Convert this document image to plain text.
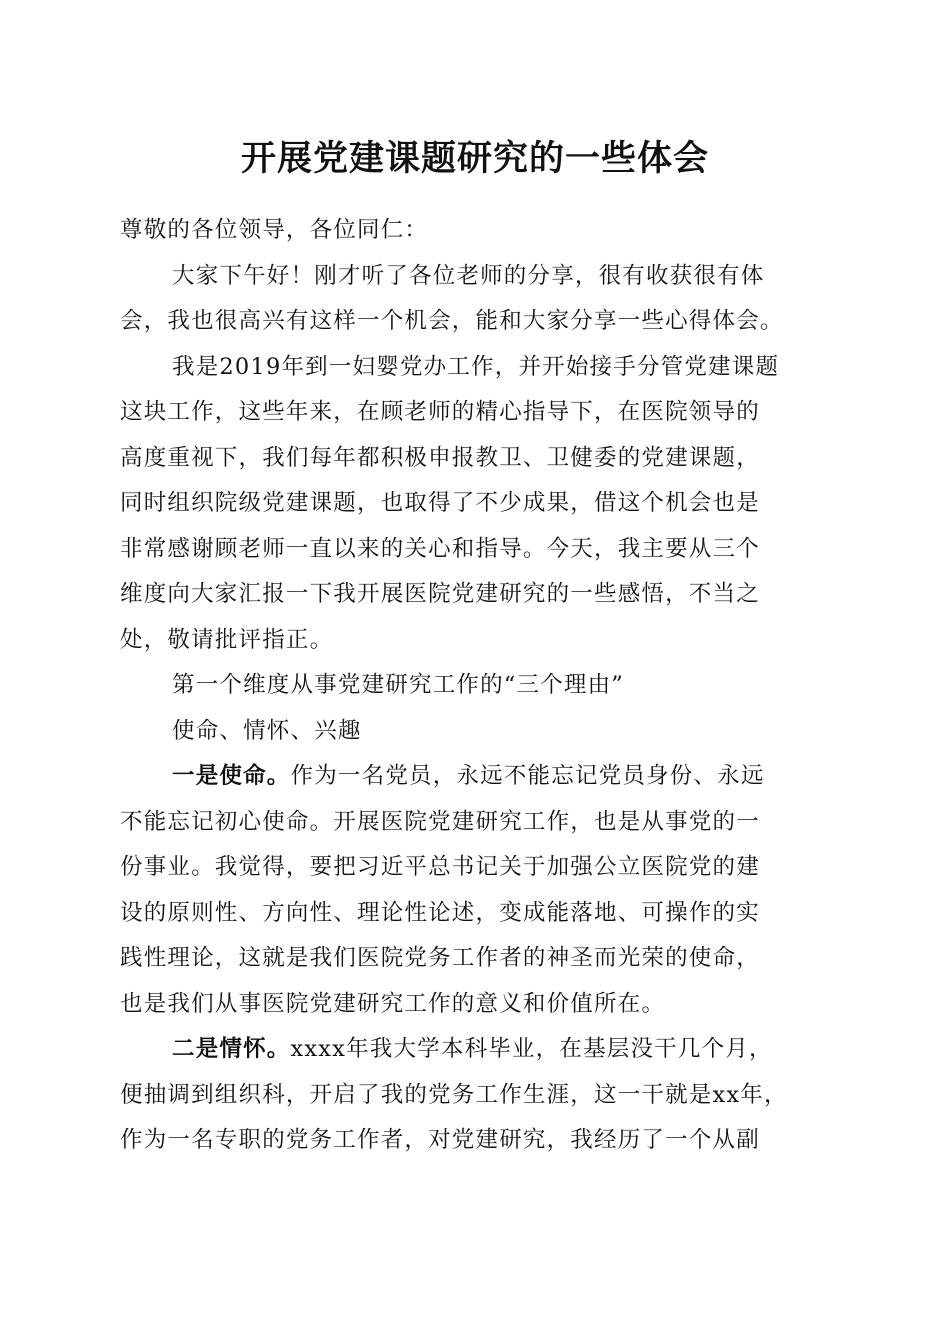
开展党建课题研究的一些体会
尊敬的各位领导，各位同仁：
大家下午好！刚才听了各位老师的分享，很有收获很有体
会，我也很高兴有这样一个机会，能和大家分享一些心得体会。
我是2019年到一妇婴党办工作，并开始接手分管党建课题
这块工作，这些年来，在顾老师的精心指导下，在医院领导的
高度重视下，我们每年都积极申报教卫、卫健委的党建课题，
同时组织院级党建课题，也取得了不少成果，借这个机会也是
非常感谢顾老师一直以来的关心和指导。今天，我主要从三个
维度向大家汇报一下我开展医院党建研究的一些感悟，不当之
处，敬请批评指正。
第一个维度从事党建研究工作的“三个理由”
使命、情怀、兴趣
一是使命。作为一名党员，永远不能忘记党员身份、永远
不能忘记初心使命。开展医院党建研究工作，也是从事党的一
份事业。我觉得，要把习近平总书记关于加强公立医院党的建
设的原则性、方向性、理论性论述，变成能落地、可操作的实
践性理论，这就是我们医院党务工作者的神圣而光荣的使命，
也是我们从事医院党建研究工作的意义和价值所在。
二是情怀。xxxx年我大学本科毕业，在基层没干几个月，
便抽调到组织科，开启了我的党务工作生涯，这一干就是xx年，
作为一名专职的党务工作者，对党建研究，我经历了一个从副
